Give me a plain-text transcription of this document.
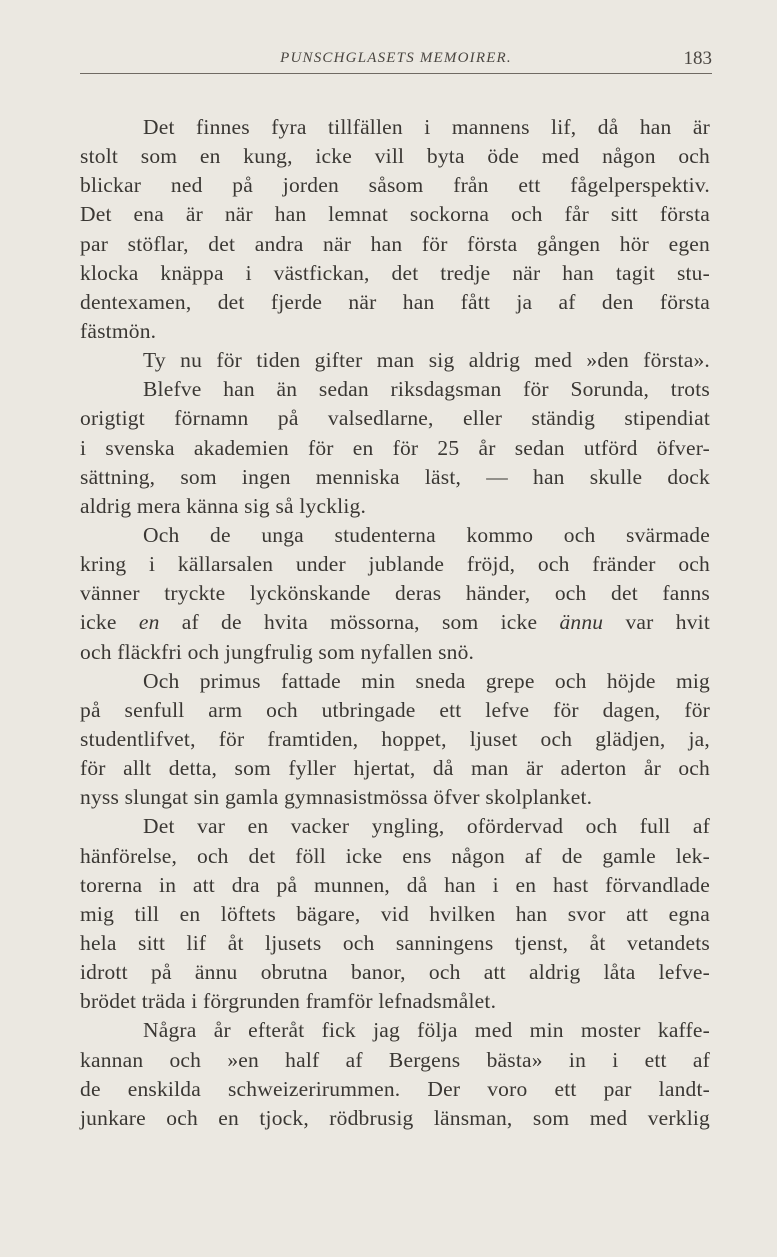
PUNSCHGLASETS MEMOIRER.	183
Det finnes fyra tillfällen i mannens lif, då han är
stolt som en kung, icke vill byta öde med någon och
blickar ned på jorden såsom från ett fågelperspektiv.
Det ena är när han lemnat sockorna och får sitt första
par stöflar, det andra när han för första gången hör egen
klocka knäppa i västfickan, det tredje när han tagit stu-
dentexamen, det fjerde när han fått ja af den första
fästmön.
Ty nu för tiden gifter man sig aldrig med »den första».
Blefve han än sedan riksdagsman för Sorunda, trots
origtigt förnamn på valsedlarne, eller ständig stipendiat
i svenska akademien för en för 25 år sedan utförd öfver-
sättning, som ingen menniska läst, — han skulle dock
aldrig mera känna sig så lycklig.
Och de unga studenterna kommo och svärmade
kring i källarsalen under jublande fröjd, och fränder och
vänner tryckte lyckönskande deras händer, och det fanns
icke en af de hvita mössorna, som icke ännu var hvit
och fläckfri och jungfrulig som nyfallen snö.
Och primus fattade min sneda grepe och höjde mig
på senfull arm och utbringade ett lefve för dagen, för
studentlifvet, för framtiden, hoppet, ljuset och glädjen, ja,
för allt detta, som fyller hjertat, då man är aderton år och
nyss slungat sin gamla gymnasistmössa öfver skolplanket.
Det var en vacker yngling, ofördervad och full af
hänförelse, och det föll icke ens någon af de gamle lek-
torerna in att dra på munnen, då han i en hast förvandlade
mig till en löftets bägare, vid hvilken han svor att egna
hela sitt lif åt ljusets och sanningens tjenst, åt vetandets
idrott på ännu obrutna banor, och att aldrig låta lefve-
brödet träda i förgrunden framför lefnadsmålet.
Några år efteråt fick jag följa med min moster kaffe-
kannan och »en half af Bergens bästa» in i ett af
de enskilda schweizerirummen. Der voro ett par landt-
junkare och en tjock, rödbrusig länsman, som med verklig
